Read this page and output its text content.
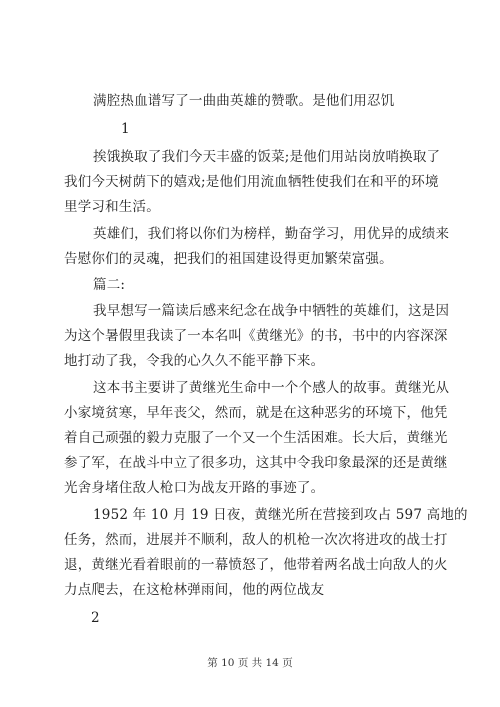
满腔热血谱写了一曲曲英雄的赞歌。是他们用忍饥
1
挨饿换取了我们今天丰盛的饭菜;是他们用站岗放哨换取了
我们今天树荫下的嬉戏;是他们用流血牺牲使我们在和平的环境
里学习和生活。
英雄们，我们将以你们为榜样，勤奋学习，用优异的成绩来
告慰你们的灵魂，把我们的祖国建设得更加繁荣富强。
篇二:
我早想写一篇读后感来纪念在战争中牺牲的英雄们，这是因
为这个暑假里我读了一本名叫《黄继光》的书，书中的内容深深
地打动了我，令我的心久久不能平静下来。
这本书主要讲了黄继光生命中一个个感人的故事。黄继光从
小家境贫寒，早年丧父，然而，就是在这种恶劣的环境下，他凭
着自己顽强的毅力克服了一个又一个生活困难。长大后，黄继光
参了军，在战斗中立了很多功，这其中令我印象最深的还是黄继
光舍身堵住敌人枪口为战友开路的事迹了。
1952 年 10 月 19 日夜，黄继光所在营接到攻占 597 高地的
任务，然而，进展并不顺利，敌人的机枪一次次将进攻的战士打
退，黄继光看着眼前的一幕愤怒了，他带着两名战士向敌人的火
力点爬去，在这枪林弹雨间，他的两位战友
2
第 10 页 共 14 页
